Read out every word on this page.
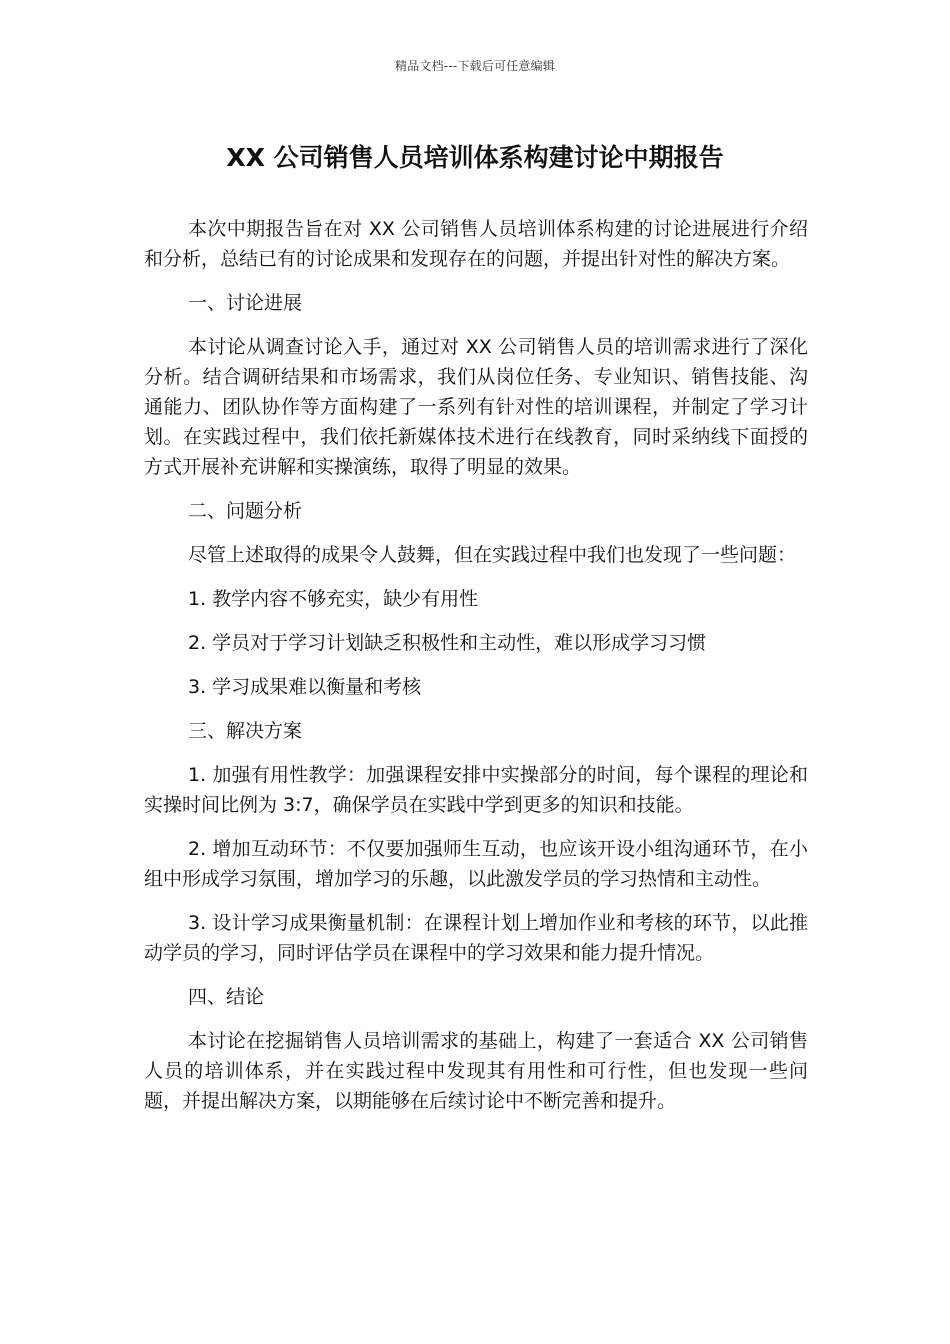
精品文档---下载后可任意编辑
XX 公司销售人员培训体系构建讨论中期报告

本次中期报告旨在对 XX 公司销售人员培训体系构建的讨论进展进行介绍和分析，总结已有的讨论成果和发现存在的问题，并提出针对性的解决方案。

一、讨论进展

本讨论从调查讨论入手，通过对 XX 公司销售人员的培训需求进行了深化分析。结合调研结果和市场需求，我们从岗位任务、专业知识、销售技能、沟通能力、团队协作等方面构建了一系列有针对性的培训课程，并制定了学习计划。在实践过程中，我们依托新媒体技术进行在线教育，同时采纳线下面授的方式开展补充讲解和实操演练，取得了明显的效果。

二、问题分析

尽管上述取得的成果令人鼓舞，但在实践过程中我们也发现了一些问题：

1. 教学内容不够充实，缺少有用性

2. 学员对于学习计划缺乏积极性和主动性，难以形成学习习惯

3. 学习成果难以衡量和考核

三、解决方案

1. 加强有用性教学：加强课程安排中实操部分的时间，每个课程的理论和实操时间比例为 3:7，确保学员在实践中学到更多的知识和技能。

2. 增加互动环节：不仅要加强师生互动，也应该开设小组沟通环节，在小组中形成学习氛围，增加学习的乐趣，以此激发学员的学习热情和主动性。

3. 设计学习成果衡量机制：在课程计划上增加作业和考核的环节，以此推动学员的学习，同时评估学员在课程中的学习效果和能力提升情况。

四、结论

本讨论在挖掘销售人员培训需求的基础上，构建了一套适合 XX 公司销售人员的培训体系，并在实践过程中发现其有用性和可行性，但也发现一些问题，并提出解决方案，以期能够在后续讨论中不断完善和提升。
